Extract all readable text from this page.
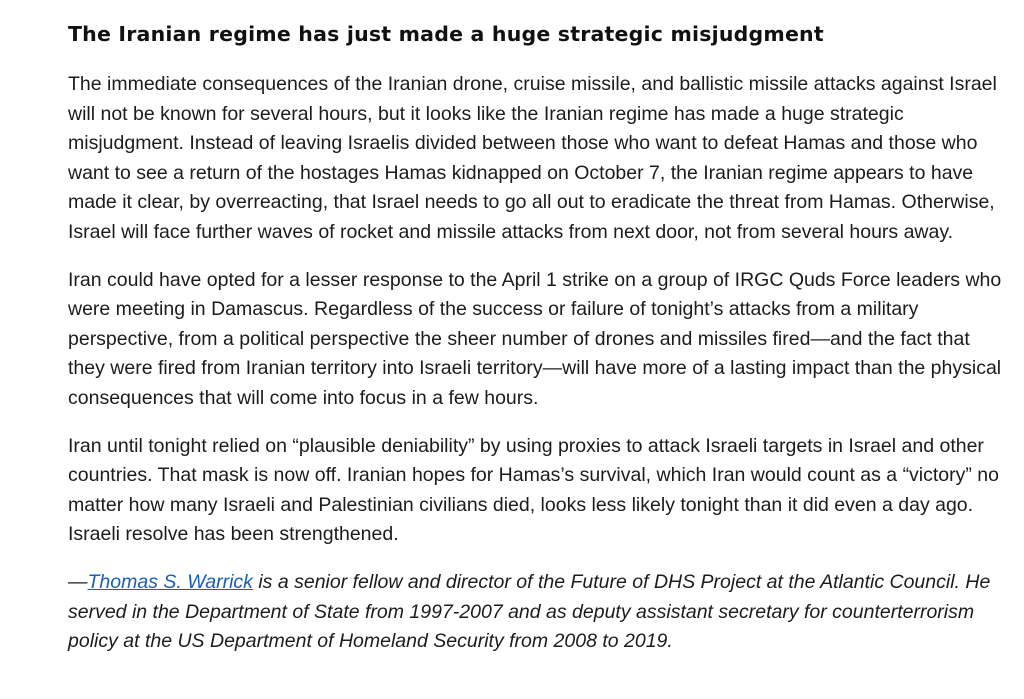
The Iranian regime has just made a huge strategic misjudgment

The immediate consequences of the Iranian drone, cruise missile, and ballistic missile attacks against Israel will not be known for several hours, but it looks like the Iranian regime has made a huge strategic misjudgment. Instead of leaving Israelis divided between those who want to defeat Hamas and those who want to see a return of the hostages Hamas kidnapped on October 7, the Iranian regime appears to have made it clear, by overreacting, that Israel needs to go all out to eradicate the threat from Hamas. Otherwise, Israel will face further waves of rocket and missile attacks from next door, not from several hours away.

Iran could have opted for a lesser response to the April 1 strike on a group of IRGC Quds Force leaders who were meeting in Damascus. Regardless of the success or failure of tonight’s attacks from a military perspective, from a political perspective the sheer number of drones and missiles fired—and the fact that they were fired from Iranian territory into Israeli territory—will have more of a lasting impact than the physical consequences that will come into focus in a few hours.

Iran until tonight relied on “plausible deniability” by using proxies to attack Israeli targets in Israel and other countries. That mask is now off. Iranian hopes for Hamas’s survival, which Iran would count as a “victory” no matter how many Israeli and Palestinian civilians died, looks less likely tonight than it did even a day ago. Israeli resolve has been strengthened.

—Thomas S. Warrick is a senior fellow and director of the Future of DHS Project at the Atlantic Council. He served in the Department of State from 1997-2007 and as deputy assistant secretary for counterterrorism policy at the US Department of Homeland Security from 2008 to 2019.
